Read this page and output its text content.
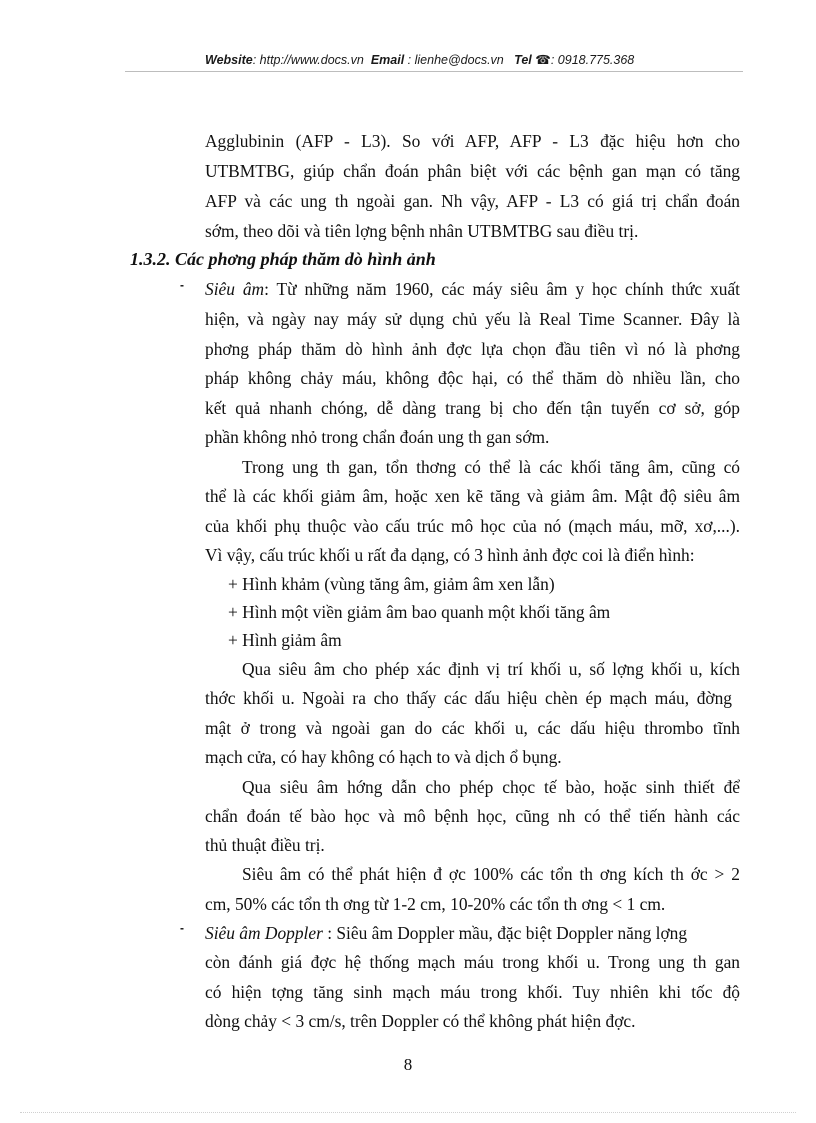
Website: http://www.docs.vn Email : lienhe@docs.vn Tel ☎: 0918.775.368
Agglubinin (AFP - L3). So với AFP, AFP - L3 đặc hiệu hơn cho
UTBMTBG, giúp chẩn đoán phân biệt với các bệnh gan mạn có tăng
AFP và các ung th ngoài gan. Nh vậy, AFP - L3 có giá trị chẩn đoán
sớm, theo dõi và tiên lợng bệnh nhân UTBMTBG sau điều trị.
1.3.2. Các phơng pháp thăm dò hình ảnh
- Siêu âm: Từ những năm 1960, các máy siêu âm y học chính thức xuất
hiện, và ngày nay máy sử dụng chủ yếu là Real Time Scanner. Đây là
phơng pháp thăm dò hình ảnh đợc lựa chọn đầu tiên vì nó là phơng
pháp không chảy máu, không độc hại, có thể thăm dò nhiều lần, cho
kết quả nhanh chóng, dễ dàng trang bị cho đến tận tuyến cơ sở, góp
phần không nhỏ trong chẩn đoán ung th gan sớm.
Trong ung th gan, tổn thơng có thể là các khối tăng âm, cũng có
thể là các khối giảm âm, hoặc xen kẽ tăng và giảm âm. Mật độ siêu âm
của khối phụ thuộc vào cấu trúc mô học của nó (mạch máu, mỡ, xơ,...).
Vì vậy, cấu trúc khối u rất đa dạng, có 3 hình ảnh đợc coi là điển hình:
+ Hình khảm (vùng tăng âm, giảm âm xen lẫn)
+ Hình một viền giảm âm bao quanh một khối tăng âm
+ Hình giảm âm
Qua siêu âm cho phép xác định vị trí khối u, số lợng khối u, kích
thớc khối u. Ngoài ra cho thấy các dấu hiệu chèn ép mạch máu, đờng
mật ở trong và ngoài gan do các khối u, các dấu hiệu thrombo tĩnh
mạch cửa, có hay không có hạch to và dịch ổ bụng.
Qua siêu âm hớng dẫn cho phép chọc tế bào, hoặc sinh thiết để
chẩn đoán tế bào học và mô bệnh học, cũng nh có thể tiến hành các
thủ thuật điều trị.
Siêu âm có thể phát hiện đ ợc 100% các tổn th ơng kích th ớc > 2
cm, 50% các tổn th ơng từ 1-2 cm, 10-20% các tổn th ơng < 1 cm.
- Siêu âm Doppler : Siêu âm Doppler mầu, đặc biệt Doppler năng lợng
còn đánh giá đợc hệ thống mạch máu trong khối u. Trong ung th gan
có hiện tợng tăng sinh mạch máu trong khối. Tuy nhiên khi tốc độ
dòng chảy < 3 cm/s, trên Doppler có thể không phát hiện đợc.
8
